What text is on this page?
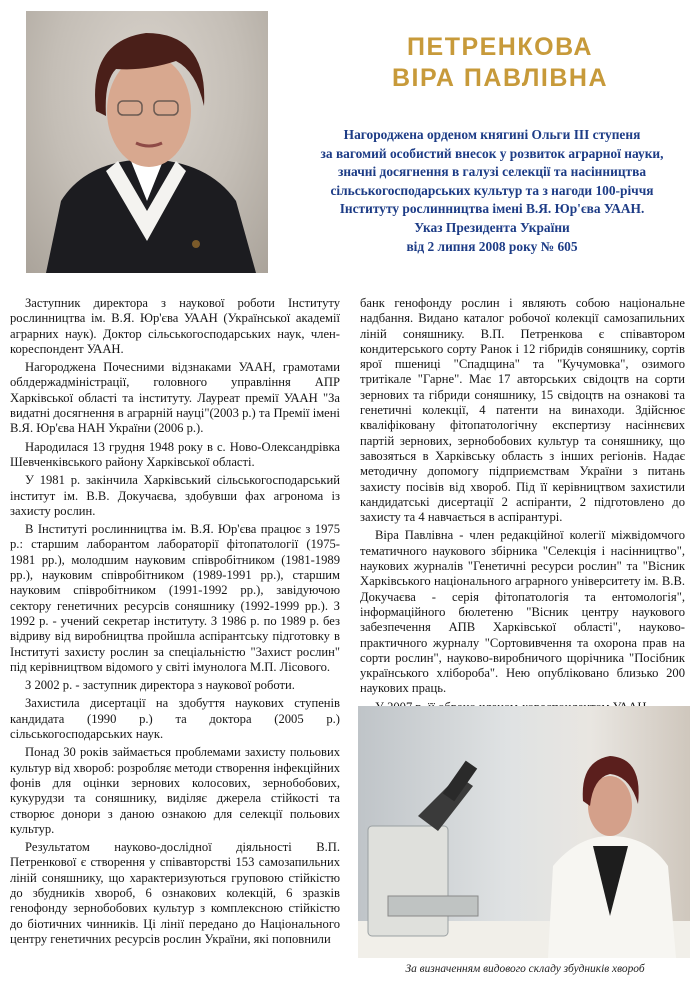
ПЕТРЕНКОВА
ВІРА ПАВЛІВНА
Нагороджена орденом княгині Ольги ІІІ ступеня
за вагомий особистий внесок у розвиток аграрної науки,
значні досягнення в галузі селекції та насінництва
сільськогосподарських культур та з нагоди 100-річчя
Інституту рослинництва імені В.Я. Юр'єва УААН.
Указ Президента України
від 2 липня 2008 року № 605

Заступник директора з наукової роботи Інституту рослинництва ім. В.Я. Юр'єва УААН (Української академії аграрних наук). Доктор сільськогосподарських наук, член-кореспондент УААН.

Нагороджена Почесними відзнаками УААН, грамотами облдержадміністрації, головного управління АПР Харківської області та інституту. Лауреат премії УААН "За видатні досягнення в аграрній науці"(2003 р.) та Премії імені В.Я. Юр'єва НАН України (2006 р.).

Народилася 13 грудня 1948 року в с. Ново-Олександрівка Шевченківського району Харківської області.

У 1981 р. закінчила Харківський сільськогосподарський інститут ім. В.В. Докучаєва, здобувши фах агронома із захисту рослин.

В Інституті рослинництва ім. В.Я. Юр'єва працює з 1975 р.: старшим лаборантом лабораторії фітопатології (1975-1981 рр.), молодшим науковим співробітником (1981-1989 рр.), науковим співробітником (1989-1991 рр.), старшим науковим співробітником (1991-1992 рр.), завідуючою сектору генетичних ресурсів соняшнику (1992-1999 рр.). З 1992 р. - учений секретар інституту. З 1986 р. по 1989 р. без відриву від виробництва пройшла аспірантську підготовку в Інституті захисту рослин за спеціальністю "Захист рослин" під керівництвом відомого у світі імунолога М.П. Лісового.

З 2002 р. - заступник директора з наукової роботи.

Захистила дисертації на здобуття наукових ступенів кандидата (1990 р.) та доктора (2005 р.) сільськогосподарських наук.

Понад 30 років займається проблемами захисту польових культур від хвороб: розробляє методи створення інфекційних фонів для оцінки зернових колосових, зернобобових, кукурудзи та соняшнику, виділяє джерела стійкості та створює донори з даною ознакою для селекції польових культур.

Результатом науково-дослідної діяльності В.П. Петренкової є створення у співавторстві 153 самозапильних ліній соняшнику, що характеризуються груповою стійкістю до збудників хвороб, 6 ознакових колекцій, 6 зразків генофонду зернобобових культур з комплексною стійкістю до біотичних чинників. Ці лінії передано до Національного центру генетичних ресурсів рослин України, які поповнили

банк генофонду рослин і являють собою національне надбання. Видано каталог робочої колекції самозапильних ліній соняшнику. В.П. Петренкова є співавтором кондитерського сорту Ранок і 12 гібридів соняшнику, сортів ярої пшениці "Спадщина" та "Кучумовка", озимого тритікале "Гарне". Має 17 авторських свідоцтв на сорти зернових та гібриди соняшнику, 15 свідоцтв на ознакові та генетичні колекції, 4 патенти на винаходи. Здійснює кваліфіковану фітопатологічну експертизу насіннєвих партій зернових, зернобобових культур та соняшнику, що завозяться в Харківську область з інших регіонів. Надає методичну допомогу підприємствам України з питань захисту посівів від хвороб. Під її керівництвом захистили кандидатські дисертації 2 аспіранти, 2 підготовлено до захисту та 4 навчається в аспірантурі.

Віра Павлівна - член редакційної колегії міжвідомчого тематичного наукового збірника "Селекція і насінництво", наукових журналів "Генетичні ресурси рослин" та "Вісник Харківського національного аграрного університету ім. В.В. Докучаєва - серія фітопатологія та ентомологія", інформаційного бюлетеню "Вісник центру наукового забезпечення АПВ Харківської області", науково-практичного журналу "Сортовивчення та охорона прав на сорти рослин", науково-виробничого щорічника "Посібник українського хлібороба". Нею опубліковано близько 200 наукових праць.

За визначенням видового складу збудників хвороб
